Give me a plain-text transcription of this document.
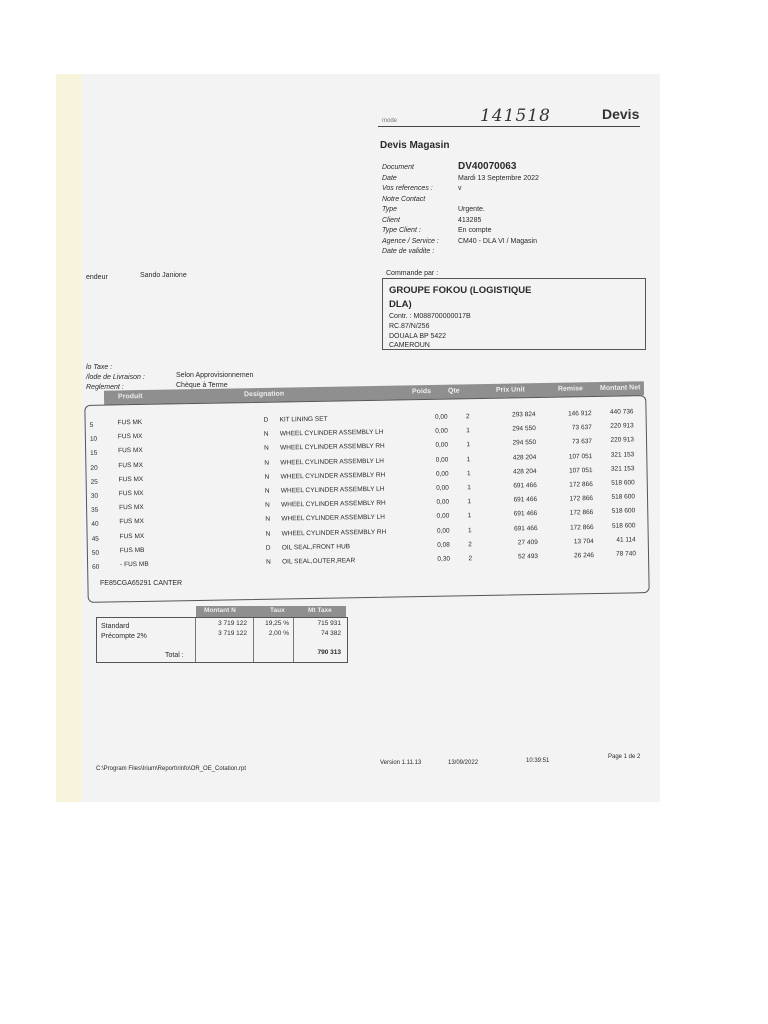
mode	141518	Devis
Devis Magasin
Document	DV40070063
Date	Mardi 13 Septembre 2022
Vos references :	v
Notre Contact
Type	Urgente.
Client	413285
Type Client :	En compte
Agence / Service :	CM40 - DLA VI / Magasin
Date de validite :
endeur	Sando Janione	Commande par :
GROUPE FOKOU (LOGISTIQUE
DLA)
Contr. : M088700000017B
RC.87/N/256
DOUALA BP 5422
CAMEROUN
lo Taxe :
/lode de Livraison :	Selon Approvisionnemen
Reglement :	Chèque à Terme
Produit	Designation	Poids Qte	Prix Unit	Remise Montant Net
5	FUS MK	D KIT LINING SET	0,00	2	293 824	146 912	440 736
10	FUS MX	N WHEEL CYLINDER ASSEMBLY LH	0,00	1	294 550	73 637	220 913
15	FUS MX	N WHEEL CYLINDER ASSEMBLY RH	0,00	1	294 550	73 637	220 913
20	FUS MX	N WHEEL CYLINDER ASSEMBLY LH	0,00	1	428 204	107 051	321 153
25	FUS MX	N WHEEL CYLINDER ASSEMBLY RH	0,00	1	428 204	107 051	321 153
30	FUS MX	N WHEEL CYLINDER ASSEMBLY LH	0,00	1	691 466	172 866	518 600
35	FUS MX	N WHEEL CYLINDER ASSEMBLY RH	0,00	1	691 466	172 866	518 600
40	FUS MX	N WHEEL CYLINDER ASSEMBLY LH	0,00	1	691 466	172 866	518 600
45	FUS MX	N WHEEL CYLINDER ASSEMBLY RH	0,00	1	691 466	172 866	518 600
50	FUS MB	D OIL SEAL,FRONT HUB	0,08	2	27 409	13 704	41 114
60	- FUS MB	N OIL SEAL,OUTER,REAR	0,30	2	52 493	26 246	78 740
FE85CGA65291 CANTER
Montant N	Taux	Mt Taxe
Standard	3 719 122	19,25 %	715 931
Précompte 2%	3 719 122	2,00 %	74 382
Total :	790 313
C:\Program Files\Irium\Report\rinfo\OR_OE_Cotation.rpt
Version 1.11.13	13/09/2022	10:39:51
Page 1 de 2
